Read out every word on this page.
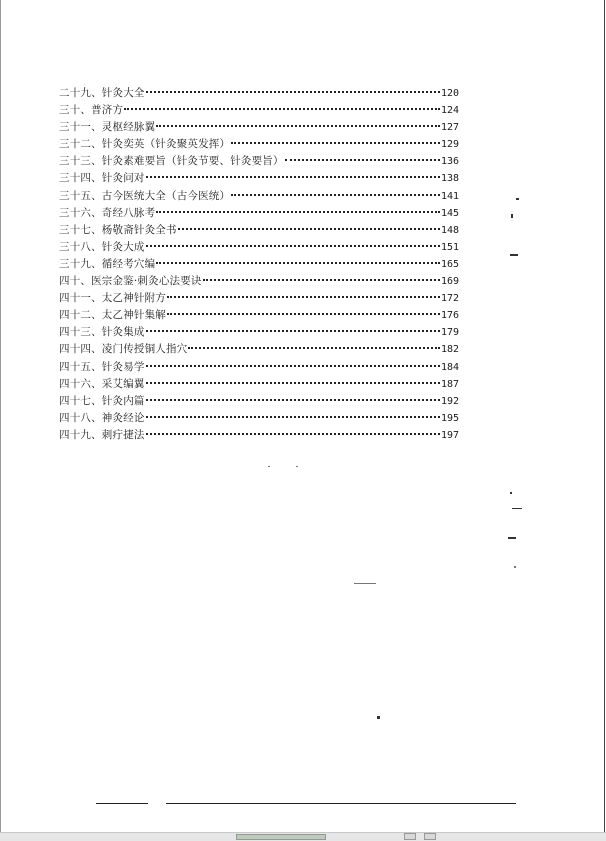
二十九、针灸大全	120
三十、普济方	124
三十一、灵枢经脉翼	127
三十二、针灸奕英（针灸聚英发挥）	129
三十三、针灸素难要旨（针灸节要、针灸要旨）	136
三十四、针灸问对	138
三十五、古今医统大全（古今医统）	141
三十六、奇经八脉考	145
三十七、杨敬斋针灸全书	148
三十八、针灸大成	151
三十九、循经考穴编	165
四十、医宗金鉴·刺灸心法要诀	169
四十一、太乙神针附方	172
四十二、太乙神针集解	176
四十三、针灸集成	179
四十四、凌门传授铜人指穴	182
四十五、针灸易学	184
四十六、采艾编翼	187
四十七、针灸内篇	192
四十八、神灸经论	195
四十九、刺疔捷法	197
